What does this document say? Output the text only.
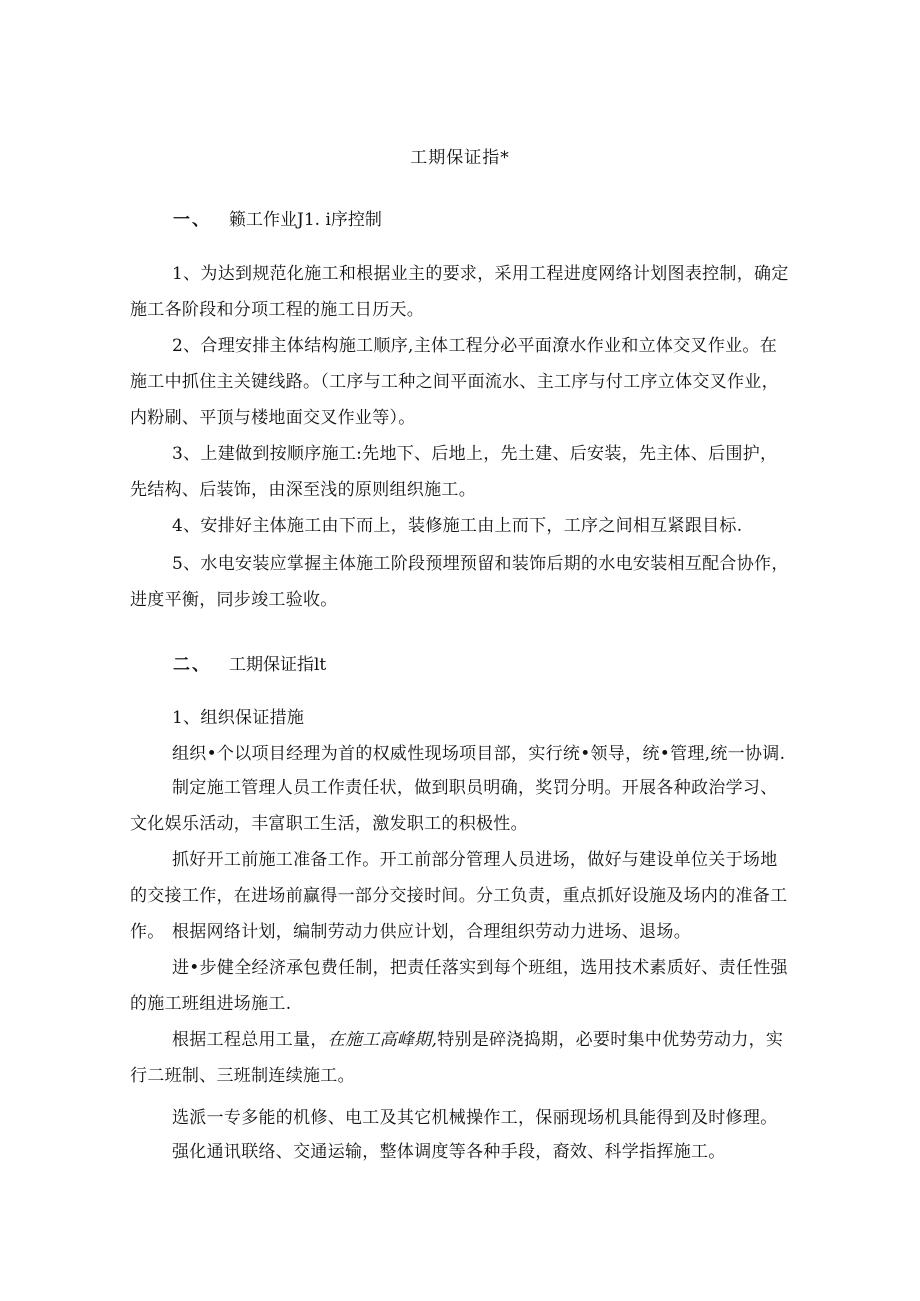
工期保证指*
一、 籁工作业J1. i序控制
1、为达到规范化施工和根据业主的要求，采用工程进度网络计划图表控制，确定施工各阶段和分项工程的施工日历天。
2、合理安排主体结构施工顺序,主体工程分必平面潦水作业和立体交叉作业。在施工中抓住主关键线路。（工序与工种之间平面流水、主工序与付工序立体交叉作业，内粉刷、平顶与楼地面交叉作业等）。
3、上建做到按顺序施工:先地下、后地上，先土建、后安装，先主体、后围护，先结构、后装饰，由深至浅的原则组织施工。
4、安排好主体施工由下而上，装修施工由上而下，工序之间相互紧跟目标.
5、水电安装应掌握主体施工阶段预埋预留和装饰后期的水电安装相互配合协作，进度平衡，同步竣工验收。
二、 工期保证指lt
1、组织保证措施
组织•个以项目经理为首的权威性现场项目部，实行统•领导，统•管理,统一协调.
制定施工管理人员工作责任状，做到职员明确，奖罚分明。开展各种政治学习、文化娱乐活动，丰富职工生活，激发职工的积极性。
抓好开工前施工准备工作。开工前部分管理人员进场，做好与建设单位关于场地的交接工作，在进场前赢得一部分交接时间。分工负责，重点抓好设施及场内的准备工作。 根据网络计划，编制劳动力供应计划，合理组织劳动力进场、退场。
进•步健全经济承包费任制，把责任落实到每个班组，选用技术素质好、责任性强的施工班组进场施工.
根据工程总用工量，在施工高峰期,特别是碎浇捣期，必要时集中优势劳动力，实行二班制、三班制连续施工。
选派一专多能的机修、电工及其它机械操作工，保丽现场机具能得到及时修理。
强化通讯联络、交通运输，整体调度等各种手段，裔效、科学指挥施工。
